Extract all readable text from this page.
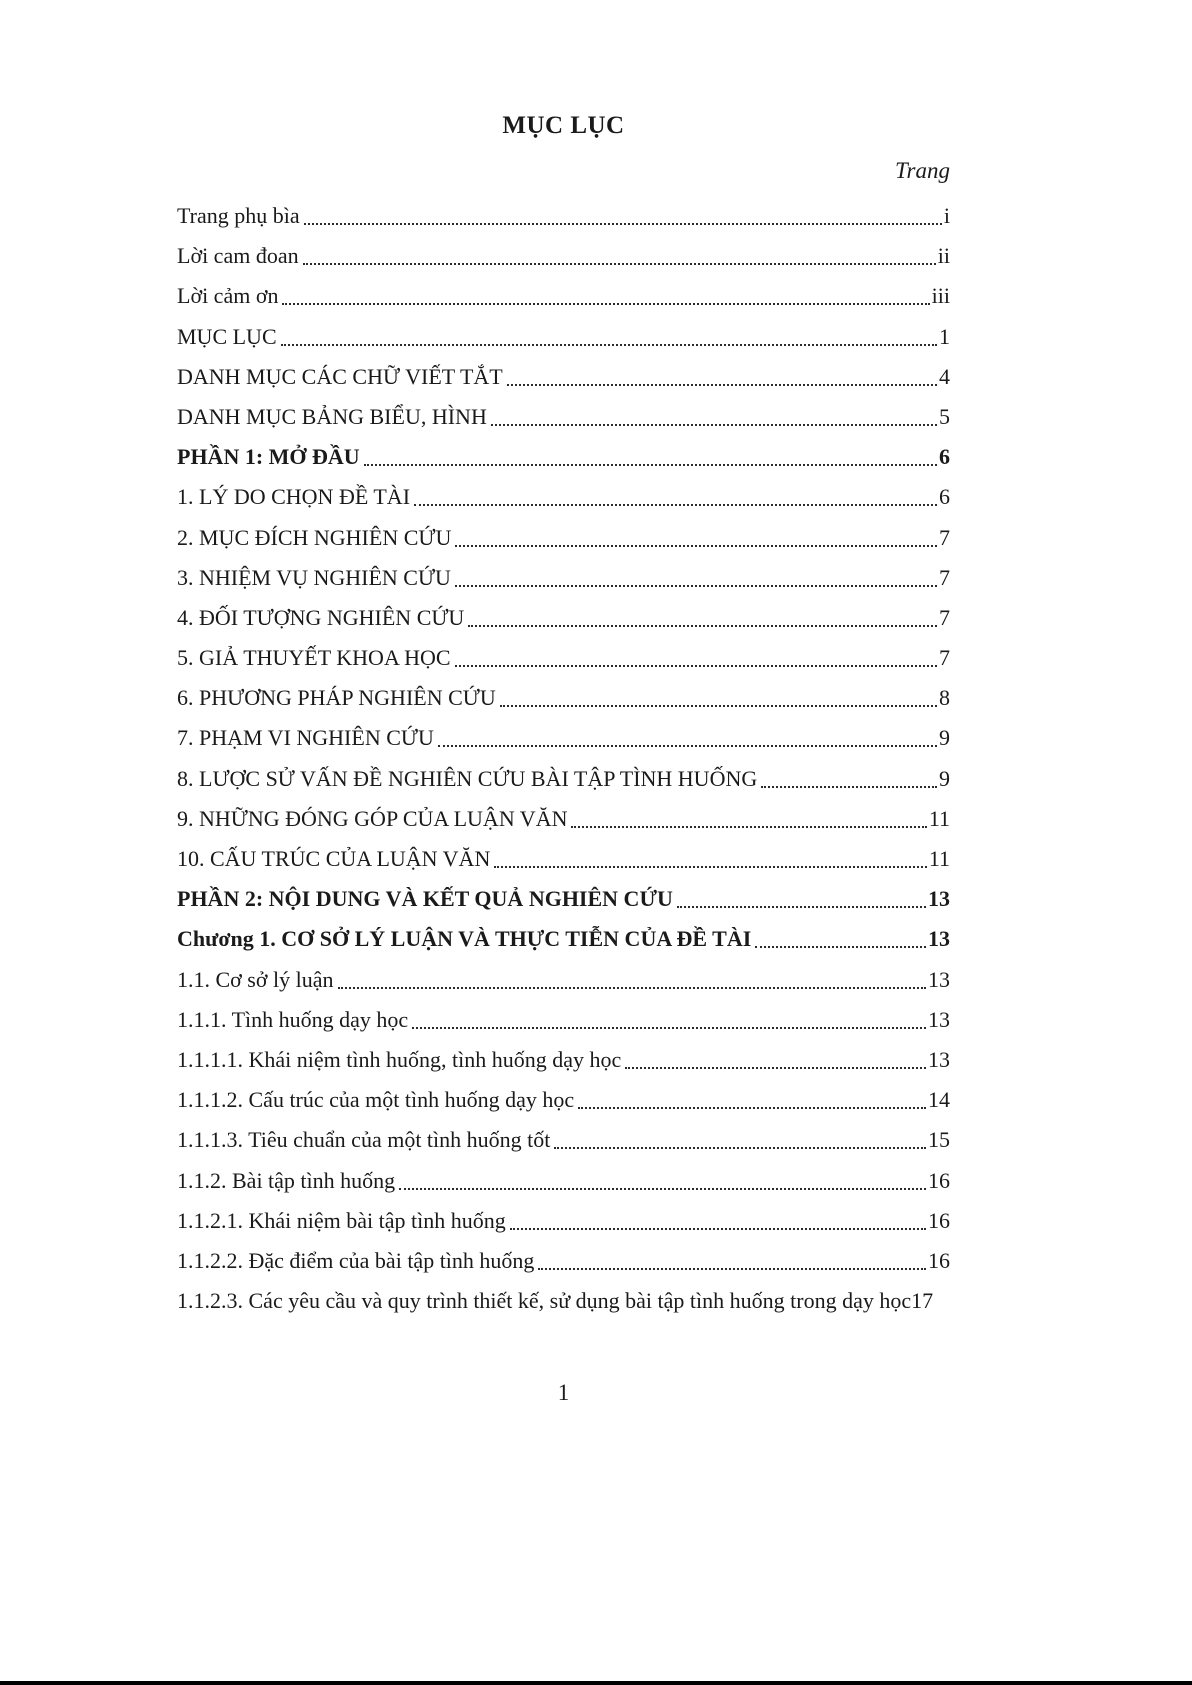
MỤC LỤC
Trang
Trang phụ bìa	i
Lời cam đoan	ii
Lời cảm ơn	iii
MỤC LỤC	1
DANH MỤC CÁC CHỮ VIẾT TẮT	4
DANH MỤC BẢNG BIỂU, HÌNH	5
PHẦN 1: MỞ ĐẦU	6
1. LÝ DO CHỌN ĐỀ TÀI	6
2. MỤC ĐÍCH NGHIÊN CỨU	7
3. NHIỆM VỤ NGHIÊN CỨU	7
4. ĐỐI TƯỢNG NGHIÊN CỨU	7
5. GIẢ THUYẾT KHOA HỌC	7
6. PHƯƠNG PHÁP NGHIÊN CỨU	8
7. PHẠM VI NGHIÊN CỨU	9
8. LƯỢC SỬ VẤN ĐỀ NGHIÊN CỨU BÀI TẬP TÌNH HUỐNG	9
9. NHỮNG ĐÓNG GÓP CỦA LUẬN VĂN	11
10. CẤU TRÚC CỦA LUẬN VĂN	11
PHẦN 2: NỘI DUNG VÀ KẾT QUẢ NGHIÊN CỨU	13
Chương 1. CƠ SỞ LÝ LUẬN VÀ THỰC TIỄN CỦA ĐỀ TÀI	13
1.1. Cơ sở lý luận	13
1.1.1. Tình huống dạy học	13
1.1.1.1. Khái niệm tình huống, tình huống dạy học	13
1.1.1.2. Cấu trúc của một tình huống dạy học	14
1.1.1.3. Tiêu chuẩn của một tình huống tốt	15
1.1.2. Bài tập tình huống	16
1.1.2.1. Khái niệm bài tập tình huống	16
1.1.2.2. Đặc điểm của bài tập tình huống	16
1.1.2.3. Các yêu cầu và quy trình thiết kế, sử dụng bài tập tình huống trong dạy học 17
1
